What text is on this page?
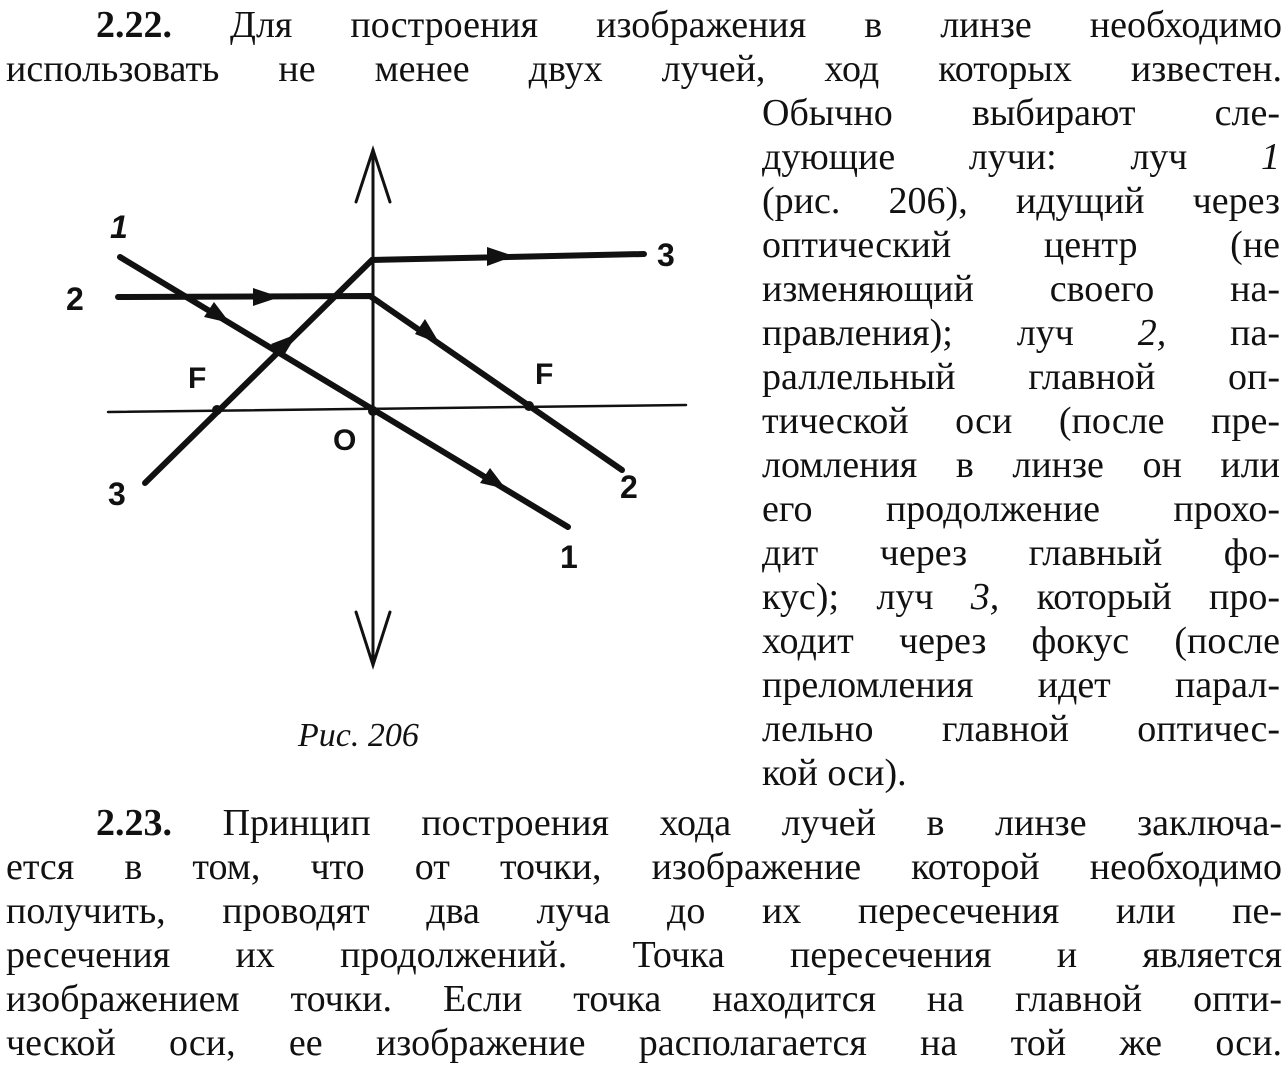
2.22. Для построения изображения в линзе необходимо
использовать не менее двух лучей, ход которых известен.
Обычно выбирают сле-
дующие лучи: луч 1
(рис. 206), идущий через
оптический центр (не
изменяющий своего на-
правления); луч 2, па-
раллельный главной оп-
тической оси (после пре-
ломления в линзе он или
его продолжение прохо-
дит через главный фо-
кус); луч 3, который про-
ходит через фокус (после
преломления идет парал-
лельно главной оптичес-
кой оси).
1
2
3
3
2
1
F	F
O
Рис. 206
2.23. Принцип построения хода лучей в линзе заключа-
ется в том, что от точки, изображение которой необходимо
получить, проводят два луча до их пересечения или пе-
ресечения их продолжений. Точка пересечения и является
изображением точки. Если точка находится на главной опти-
ческой оси, ее изображение располагается на той же оси.
